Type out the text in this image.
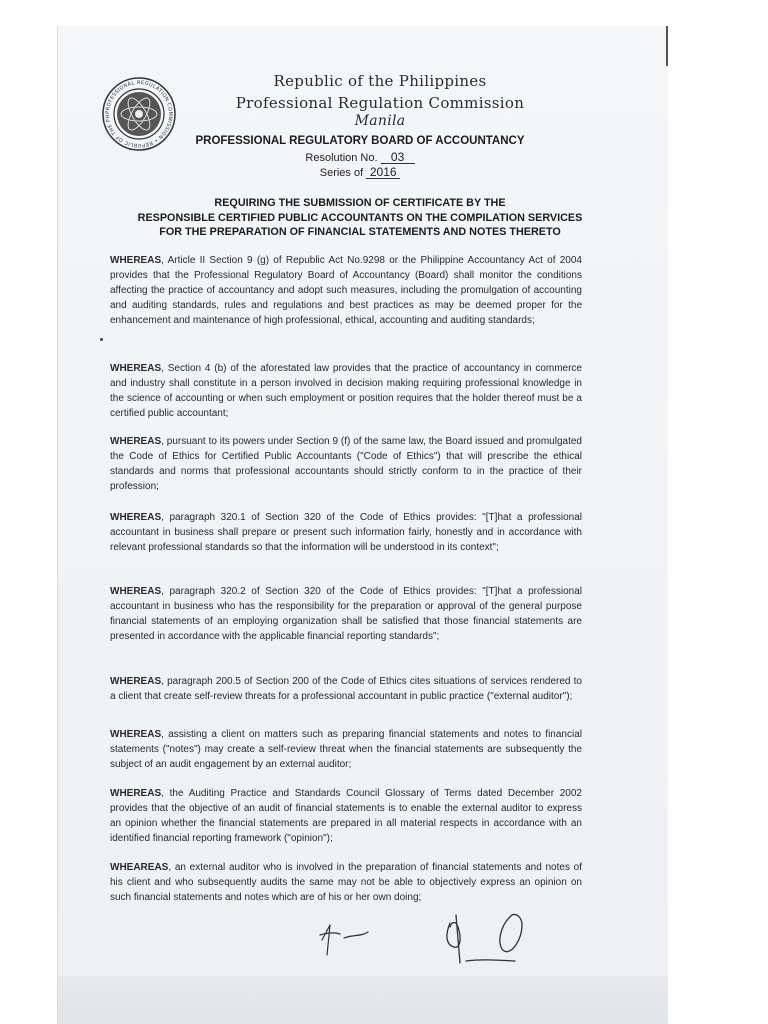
PROFESSIONAL REGULATION COMMISSION • REPUBLIC OF THE PH
Republic of the Philippines
Professional Regulation Commission
Manila
PROFESSIONAL REGULATORY BOARD OF ACCOUNTANCY
Resolution No. 03
Series of 2016
REQUIRING THE SUBMISSION OF CERTIFICATE BY THE
RESPONSIBLE CERTIFIED PUBLIC ACCOUNTANTS ON THE COMPILATION SERVICES
FOR THE PREPARATION OF FINANCIAL STATEMENTS AND NOTES THERETO
WHEREAS, Article II Section 9 (g) of Republic Act No.9298 or the Philippine Accountancy Act of 2004 provides that the Professional Regulatory Board of Accountancy (Board) shall monitor the conditions affecting the practice of accountancy and adopt such measures, including the promulgation of accounting and auditing standards, rules and regulations and best practices as may be deemed proper for the enhancement and maintenance of high professional, ethical, accounting and auditing standards;
WHEREAS, Section 4 (b) of the aforestated law provides that the practice of accountancy in commerce and industry shall constitute in a person involved in decision making requiring professional knowledge in the science of accounting or when such employment or position requires that the holder thereof must be a certified public accountant;
WHEREAS, pursuant to its powers under Section 9 (f) of the same law, the Board issued and promulgated the Code of Ethics for Certified Public Accountants ("Code of Ethics") that will prescribe the ethical standards and norms that professional accountants should strictly conform to in the practice of their profession;
WHEREAS, paragraph 320.1 of Section 320 of the Code of Ethics provides: "[T]hat a professional accountant in business shall prepare or present such information fairly, honestly and in accordance with relevant professional standards so that the information will be understood in its context";
WHEREAS, paragraph 320.2 of Section 320 of the Code of Ethics provides: "[T]hat a professional accountant in business who has the responsibility for the preparation or approval of the general purpose financial statements of an employing organization shall be satisfied that those financial statements are presented in accordance with the applicable financial reporting standards";
WHEREAS, paragraph 200.5 of Section 200 of the Code of Ethics cites situations of services rendered to a client that create self-review threats for a professional accountant in public practice ("external auditor");
WHEREAS, assisting a client on matters such as preparing financial statements and notes to financial statements ("notes") may create a self-review threat when the financial statements are subsequently the subject of an audit engagement by an external auditor;
WHEREAS, the Auditing Practice and Standards Council Glossary of Terms dated December 2002 provides that the objective of an audit of financial statements is to enable the external auditor to express an opinion whether the financial statements are prepared in all material respects in accordance with an identified financial reporting framework ("opinion");
WHEAREAS, an external auditor who is involved in the preparation of financial statements and notes of his client and who subsequently audits the same may not be able to objectively express an opinion on such financial statements and notes which are of his or her own doing;
